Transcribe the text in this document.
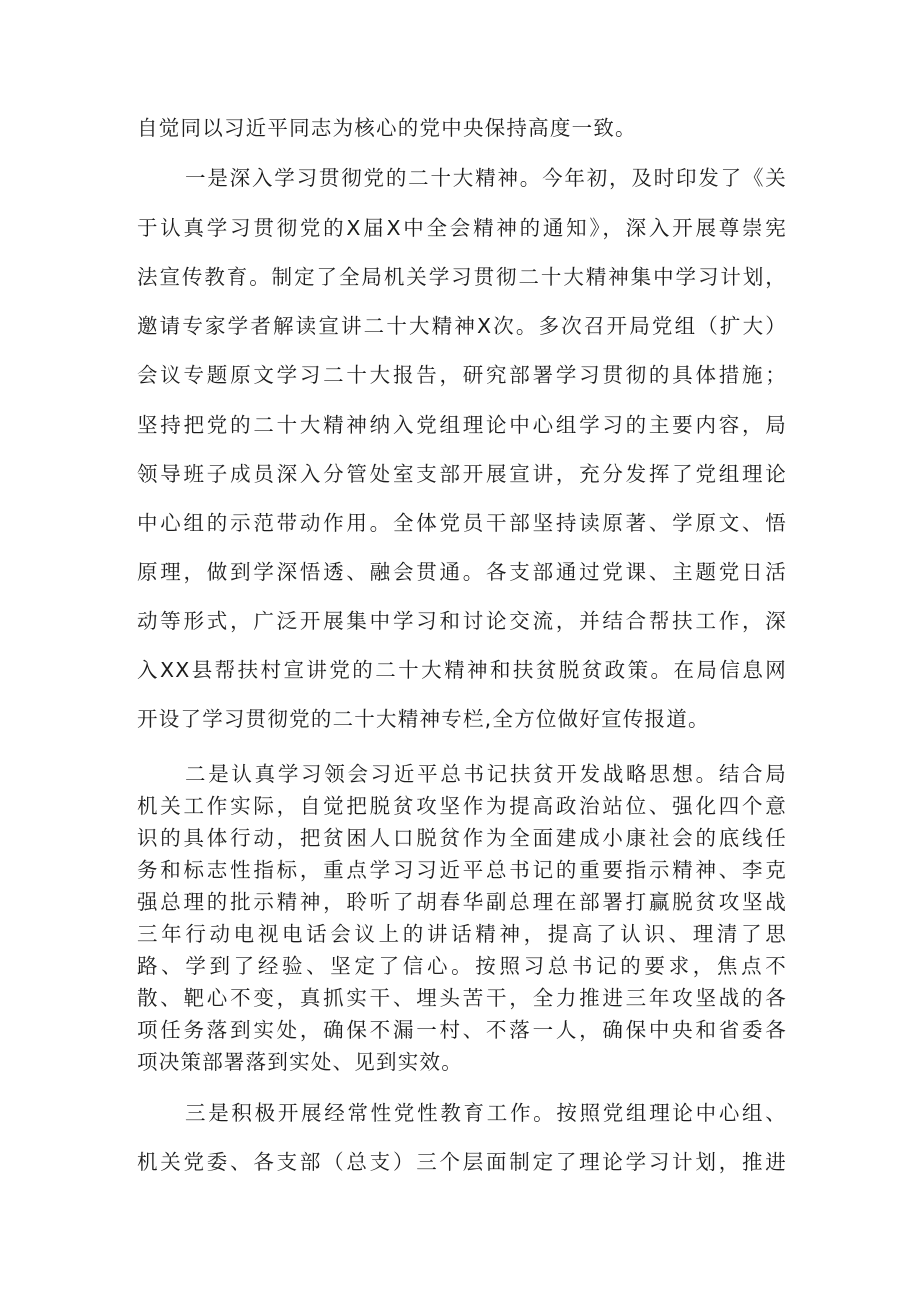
自觉同以习近平同志为核心的党中央保持高度一致。
一是深入学习贯彻党的二十大精神。今年初，及时印发了《关
于认真学习贯彻党的X届X中全会精神的通知》，深入开展尊崇宪
法宣传教育。制定了全局机关学习贯彻二十大精神集中学习计划，
邀请专家学者解读宣讲二十大精神X次。多次召开局党组（扩大）
会议专题原文学习二十大报告，研究部署学习贯彻的具体措施；
坚持把党的二十大精神纳入党组理论中心组学习的主要内容，局
领导班子成员深入分管处室支部开展宣讲，充分发挥了党组理论
中心组的示范带动作用。全体党员干部坚持读原著、学原文、悟
原理，做到学深悟透、融会贯通。各支部通过党课、主题党日活
动等形式，广泛开展集中学习和讨论交流，并结合帮扶工作，深
入XX县帮扶村宣讲党的二十大精神和扶贫脱贫政策。在局信息网
开设了学习贯彻党的二十大精神专栏,全方位做好宣传报道。
二是认真学习领会习近平总书记扶贫开发战略思想。结合局
机关工作实际，自觉把脱贫攻坚作为提高政治站位、强化四个意
识的具体行动，把贫困人口脱贫作为全面建成小康社会的底线任
务和标志性指标，重点学习习近平总书记的重要指示精神、李克
强总理的批示精神，聆听了胡春华副总理在部署打赢脱贫攻坚战
三年行动电视电话会议上的讲话精神，提高了认识、理清了思
路、学到了经验、坚定了信心。按照习总书记的要求，焦点不
散、靶心不变，真抓实干、埋头苦干，全力推进三年攻坚战的各
项任务落到实处，确保不漏一村、不落一人，确保中央和省委各
项决策部署落到实处、见到实效。
三是积极开展经常性党性教育工作。按照党组理论中心组、
机关党委、各支部（总支）三个层面制定了理论学习计划，推进
